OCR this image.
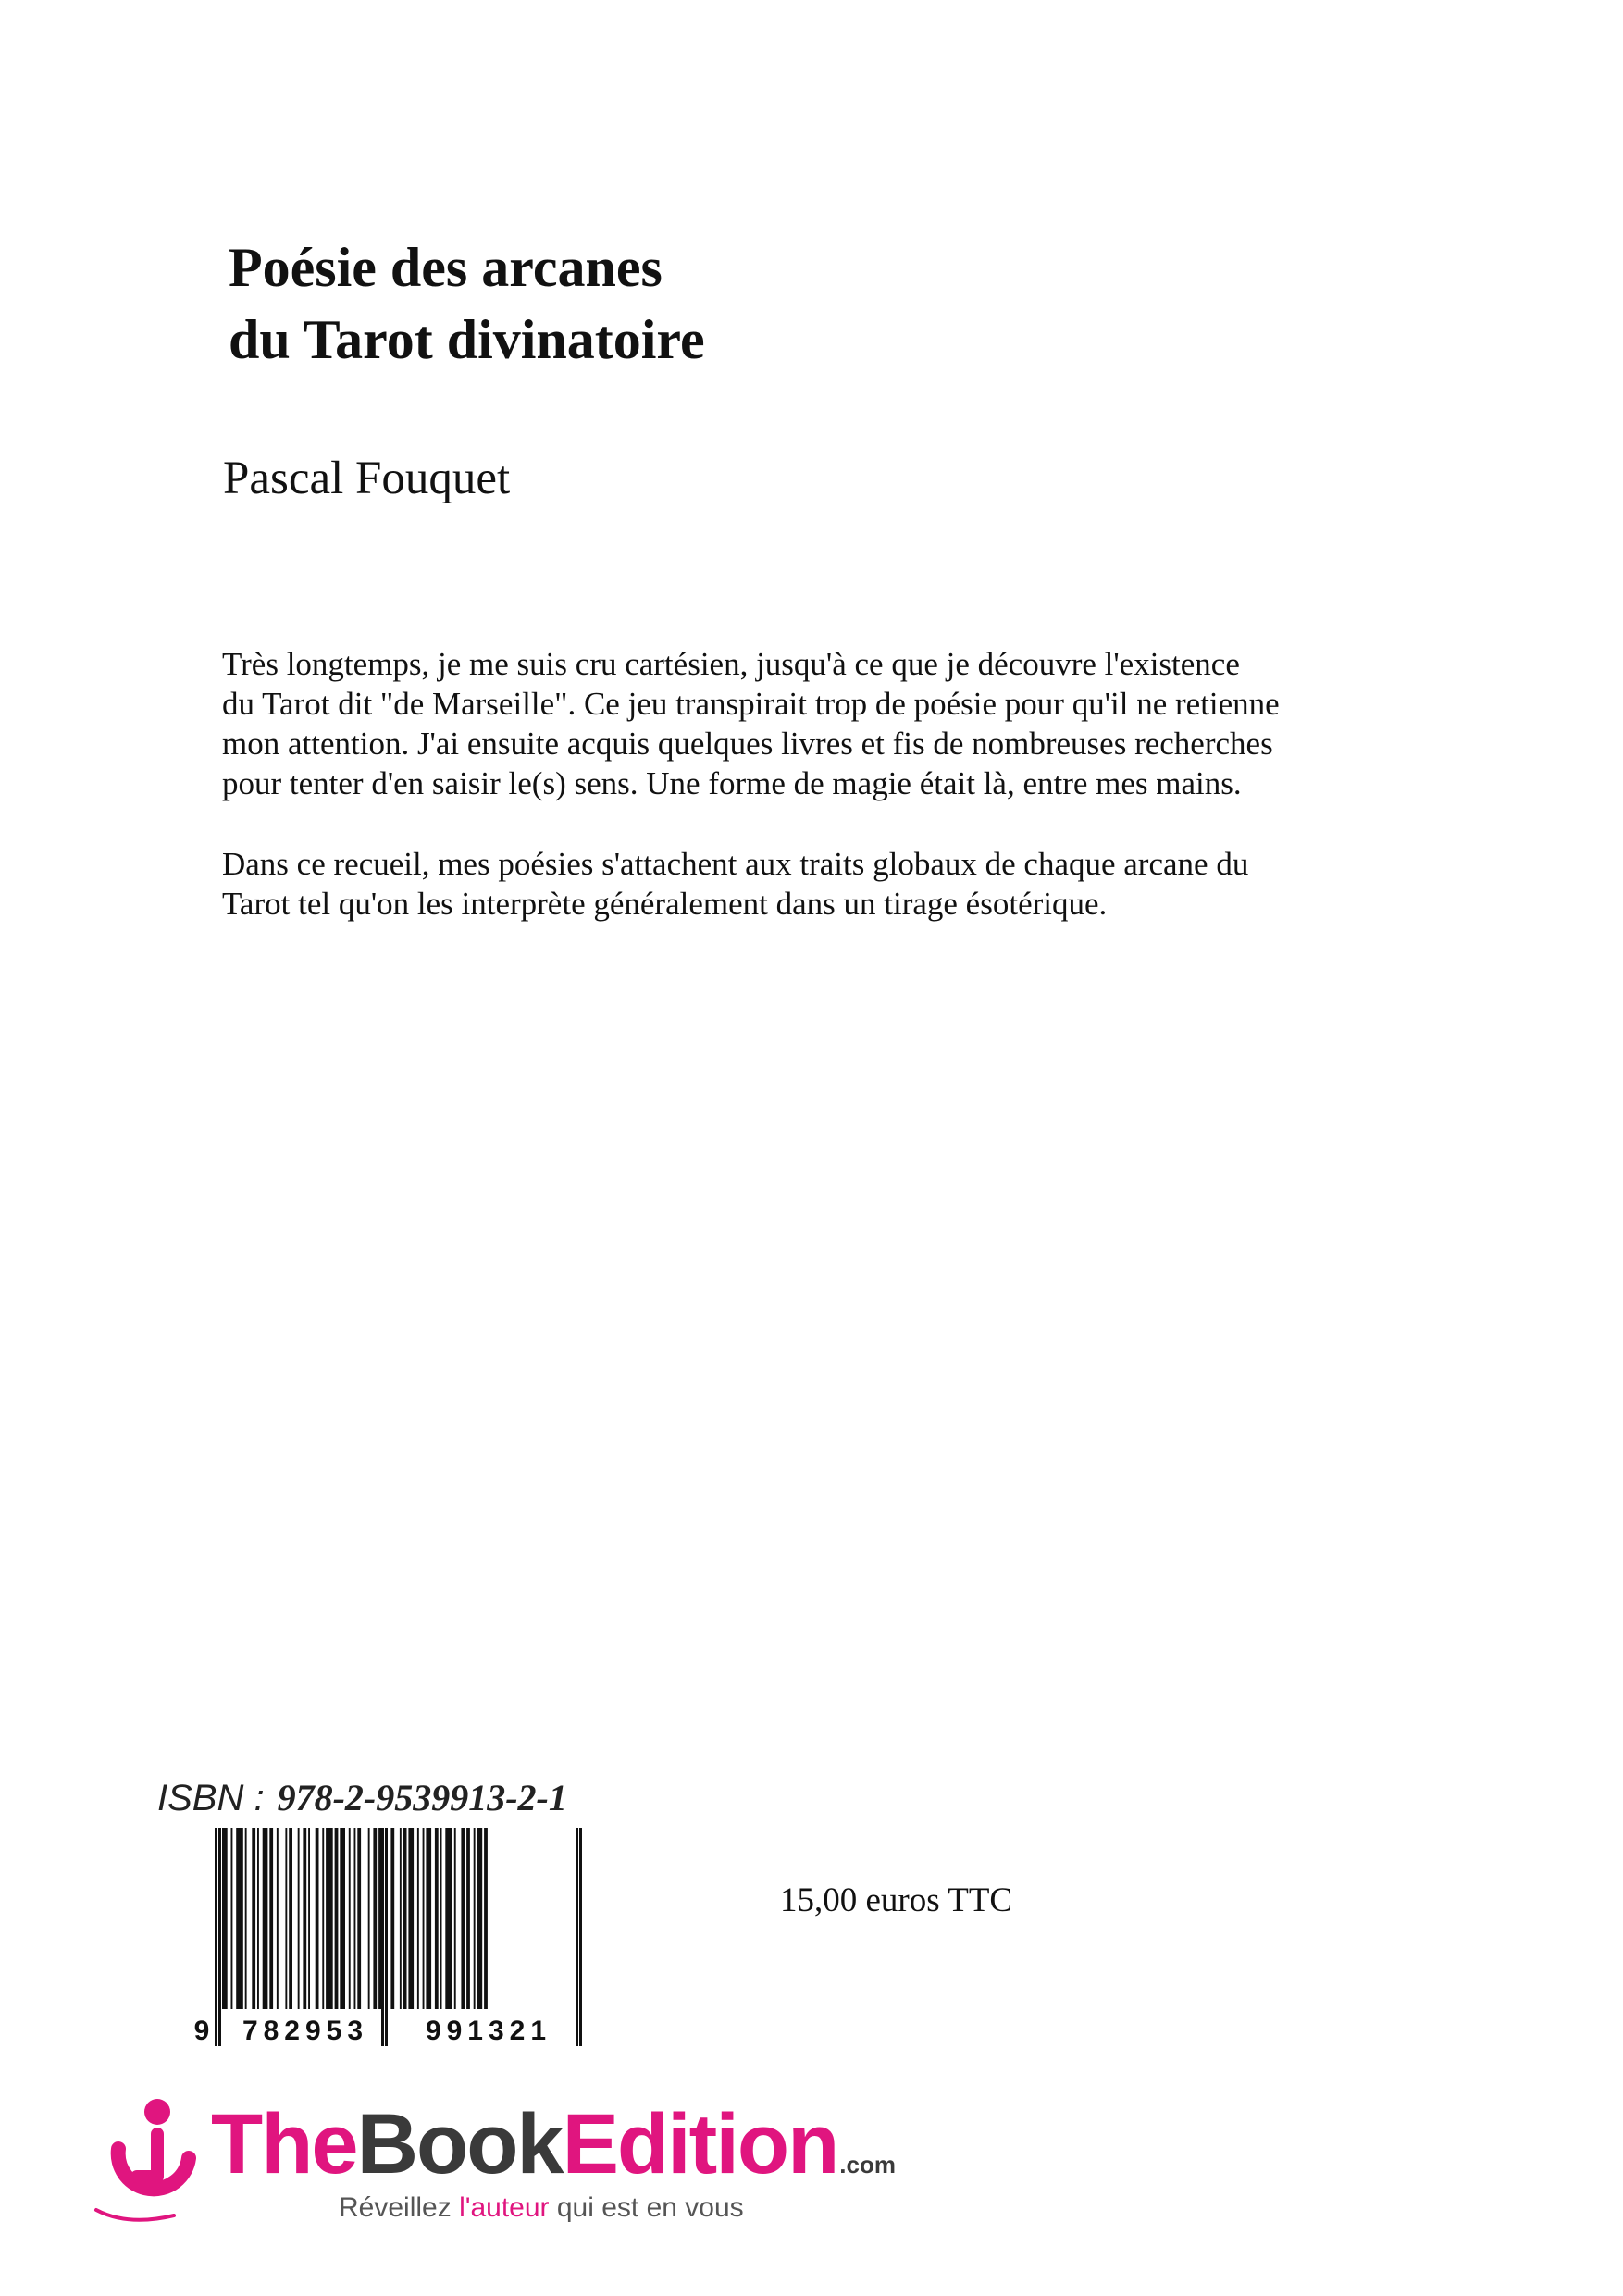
Poésie des arcanes
du Tarot divinatoire
Pascal Fouquet

Très longtemps, je me suis cru cartésien, jusqu'à ce que je découvre l'existence
du Tarot dit "de Marseille". Ce jeu transpirait trop de poésie pour qu'il ne retienne
mon attention. J'ai ensuite acquis quelques livres et fis de nombreuses recherches
pour tenter d'en saisir le(s) sens. Une forme de magie était là, entre mes mains.

Dans ce recueil, mes poésies s'attachent aux traits globaux de chaque arcane du
Tarot tel qu'on les interprète généralement dans un tirage ésotérique.

ISBN : 978-2-9539913-2-1
9 782953 991321
15,00 euros TTC
TheBookEdition.com
Réveillez l'auteur qui est en vous
